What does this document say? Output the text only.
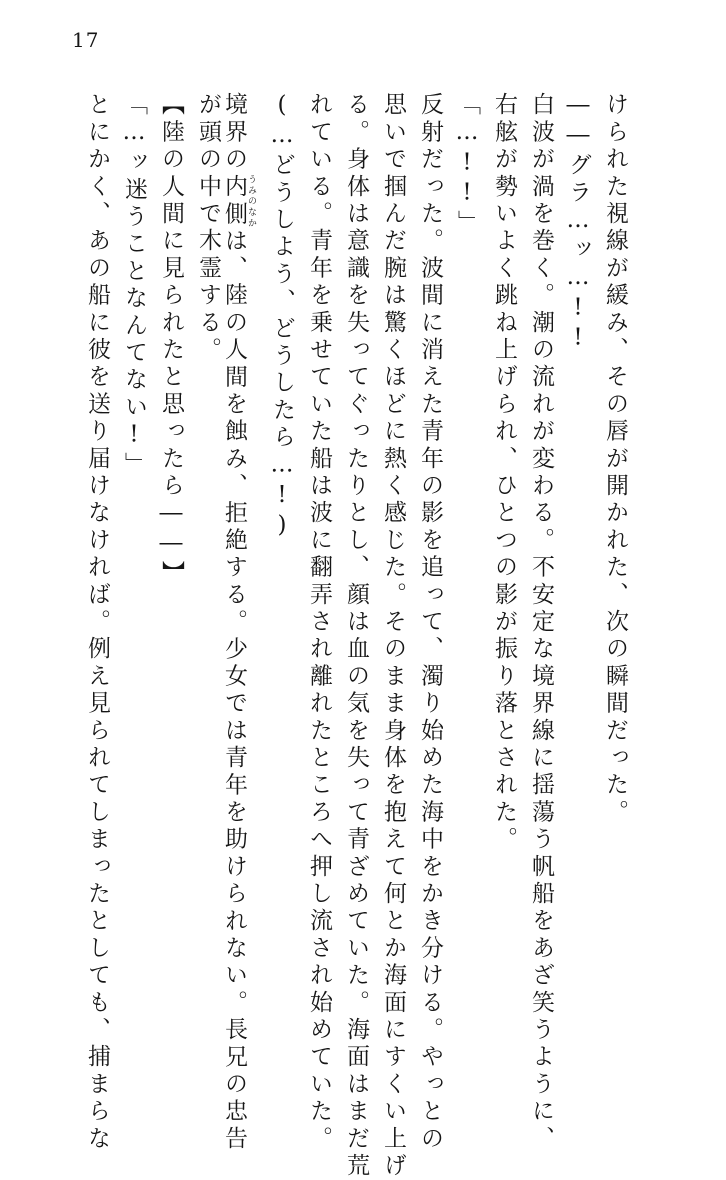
17
けられた視線が緩み、その唇が開かれた、次の瞬間だった。
――グラ…ッ…!!
白波が渦を巻く。潮の流れが変わる。不安定な境界線に揺蕩う帆船をあざ笑うように、
右舷が勢いよく跳ね上げられ、ひとつの影が振り落とされた。
「…!!」
反射だった。波間に消えた青年の影を追って、濁り始めた海中をかき分ける。やっとの
思いで掴んだ腕は驚くほどに熱く感じた。そのまま身体を抱えて何とか海面にすくい上げ
る。身体は意識を失ってぐったりとし、顔は血の気を失って青ざめていた。海面はまだ荒
れている。青年を乗せていた船は波に翻弄され離れたところへ押し流され始めていた。
(…どうしよう、どうしたら…!)
境界の内側 うみのなかは、陸の人間を蝕み、拒絶する。少女では青年を助けられない。長兄の忠告
が頭の中で木霊する。
【陸の人間に見られたと思ったら――】
「…ッ迷うことなんてない!」
とにかく、あの船に彼を送り届けなければ。例え見られてしまったとしても、捕まらな
